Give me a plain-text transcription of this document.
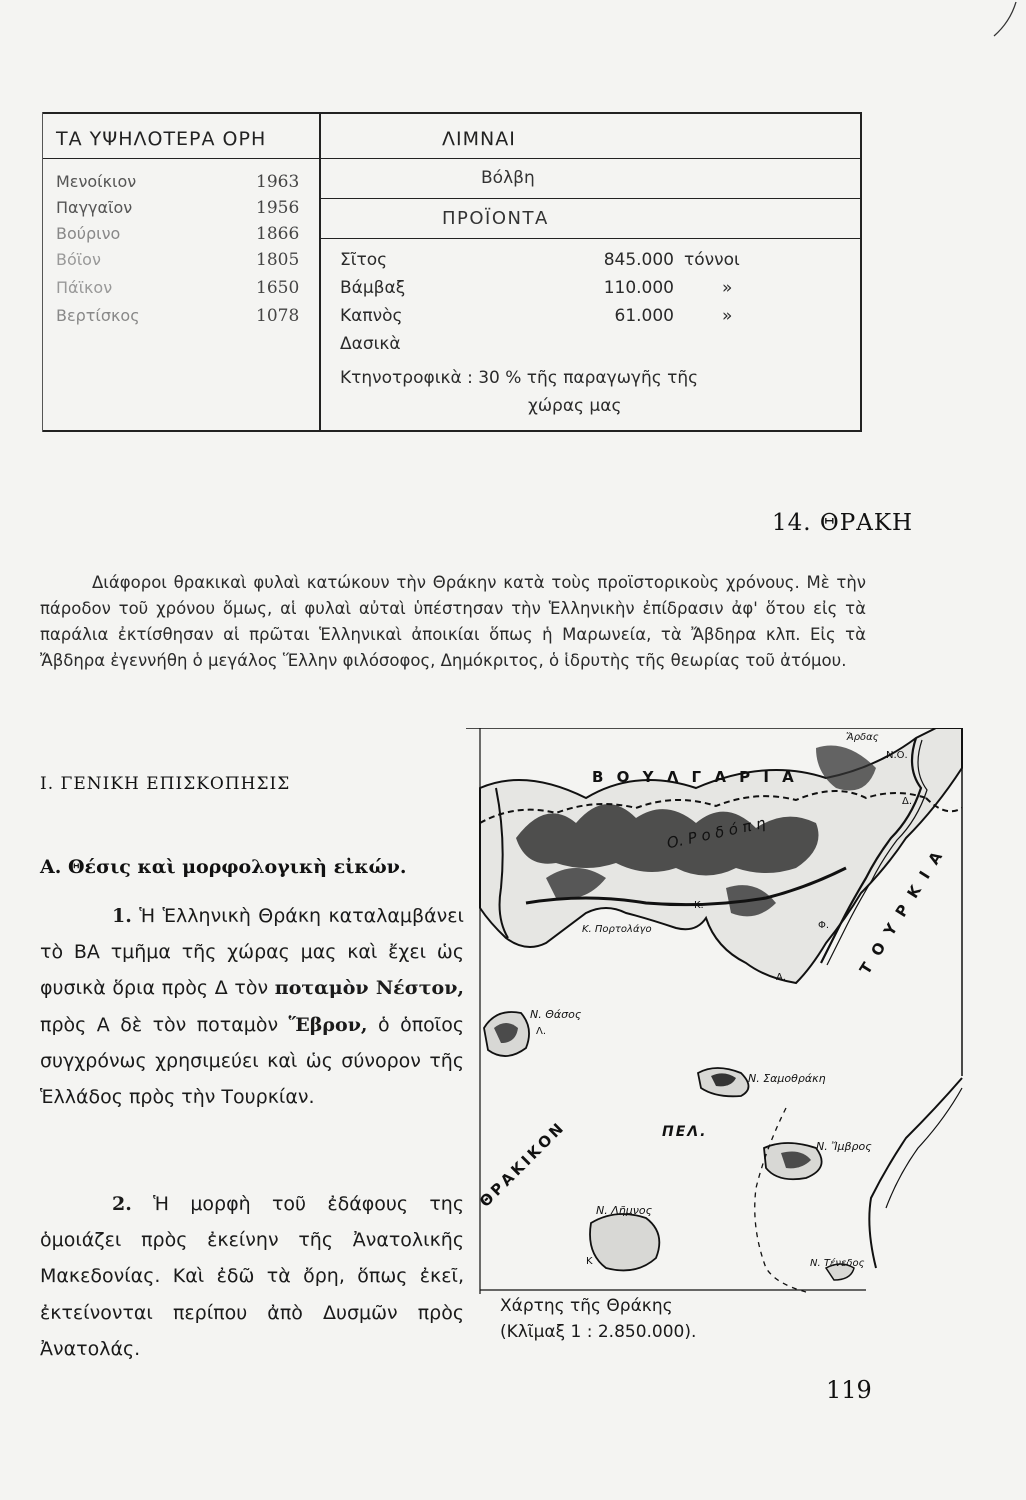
ΤΑ ΥΨΗΛΟΤΕΡΑ ΟΡΗ
Μενοίκιον	1963
Παγγαῖον	1956
Βούρινο	1866
Βόϊον	1805
Πάϊκον	1650
Βερτίσκος	1078
ΛΙΜΝΑΙ
Βόλβη
ΠΡΟΪΟΝΤΑ
Σῖτος	845.000 τόννοι
Βάμβαξ	110.000	»
Καπνὸς	61.000	»
Δασικὰ
Κτηνοτροφικὰ : 30 % τῆς παραγωγῆς τῆς
χώρας μας
14. ΘΡΑΚΗ
Διάφοροι θρακικαὶ φυλαὶ κατώκουν τὴν Θράκην κατὰ τοὺς προϊστορικοὺς χρόνους. Μὲ τὴν πάροδον τοῦ χρόνου ὅμως, αἱ φυλαὶ αὐταὶ ὑπέστησαν τὴν Ἑλληνικὴν ἐπίδρασιν ἀφ' ὅτου εἰς τὰ παράλια ἐκτίσθησαν αἱ πρῶται Ἑλληνικαὶ ἀποικίαι ὅπως ἡ Μαρωνεία, τὰ Ἄβδηρα κλπ. Εἰς τὰ Ἄβδηρα ἐγεννήθη ὁ μεγάλος Ἕλλην φιλόσοφος, Δημόκριτος, ὁ ἱδρυτὴς τῆς θεωρίας τοῦ ἀτόμου.
I. ΓΕΝΙΚΗ ΕΠΙΣΚΟΠΗΣΙΣ
Α. Θέσις καὶ μορφολογικὴ εἰκών.
1. Ἡ Ἑλληνικὴ Θράκη καταλαμβάνει τὸ ΒΑ τμῆμα τῆς χώρας μας καὶ ἔχει ὡς φυσικὰ ὅρια πρὸς Δ τὸν ποταμὸν Νέστον, πρὸς Α δὲ τὸν ποταμὸν Ἕβρον, ὁ ὁποῖος συγχρόνως χρησιμεύει καὶ ὡς σύνορον τῆς Ἑλλάδος πρὸς τὴν Τουρκίαν.
2. Ἡ μορφὴ τοῦ ἐδάφους της ὁμοιάζει πρὸς ἐκείνην τῆς Ἀνατολικῆς Μακεδονίας. Καὶ ἐδῶ τὰ ὄρη, ὅπως ἐκεῖ, ἐκτείνονται περίπου ἀπὸ Δυσμῶν πρὸς Ἀνατολάς.
Β Ο Υ Λ Γ Α Ρ Ι Α
Ο. Ρ ο δ ό π η
Τ Ο Υ Ρ Κ Ι Α
ΘΡΑΚΙΚΟΝ	ΠΕΛ.
Ν. Θάσος
Ν. Σαμοθράκη
Ν. Ἴμβρος
Ν. Λῆμνος
Ν. Τένεδος
Κ. Πορτολάγο
Ἄρδας
Ν.Ο.
Κ.
Λ.
Α.
Φ.
Δ.
Κ
Χάρτης τῆς Θράκης
(Κλῖμαξ 1 : 2.850.000).
119
